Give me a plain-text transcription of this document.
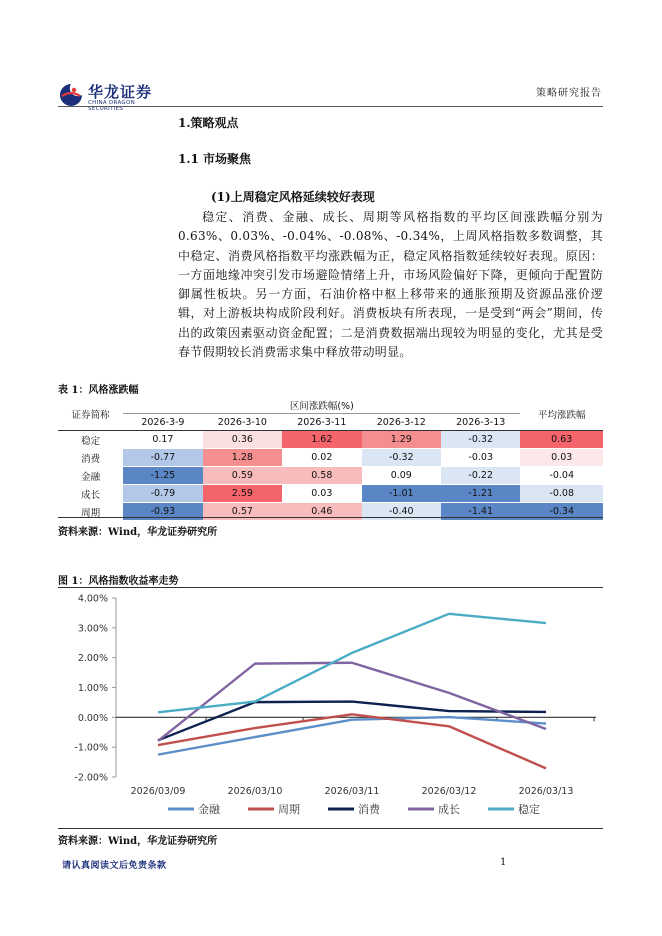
华龙证券
CHINA DRAGON SECURITIES
策略研究报告
1.策略观点
1.1 市场聚焦
(1)上周稳定风格延续较好表现
稳定、消费、金融、成长、周期等风格指数的平均区间涨跌幅分别为0.63%、0.03%、-0.04%、-0.08%、-0.34%，上周风格指数多数调整，其中稳定、消费风格指数平均涨跌幅为正，稳定风格指数延续较好表现。原因：一方面地缘冲突引发市场避险情绪上升，市场风险偏好下降，更倾向于配置防御属性板块。另一方面，石油价格中枢上移带来的通胀预期及资源品涨价逻辑，对上游板块构成阶段利好。消费板块有所表现，一是受到“两会”期间，传出的政策因素驱动资金配置；二是消费数据端出现较为明显的变化，尤其是受春节假期较长消费需求集中释放带动明显。
表 1：风格涨跌幅
证券简称	区间涨跌幅(%)					平均涨跌幅
	2026-3-9	2026-3-10	2026-3-11	2026-3-12	2026-3-13	
稳定	0.17	0.36	1.62	1.29	-0.32	0.63
消费	-0.77	1.28	0.02	-0.32	-0.03	0.03
金融	-1.25	0.59	0.58	0.09	-0.22	-0.04
成长	-0.79	2.59	0.03	-1.01	-1.21	-0.08
周期	-0.93	0.57	0.46	-0.40	-1.41	-0.34
资料来源：Wind，华龙证券研究所
图 1：风格指数收益率走势
4.00%
3.00%
2.00%
1.00%
0.00%
-1.00%
-2.00%
2026/03/09	2026/03/10	2026/03/11	2026/03/12	2026/03/13
金融	周期	消费	成长	稳定
资料来源：Wind，华龙证券研究所
请认真阅读文后免责条款	1
